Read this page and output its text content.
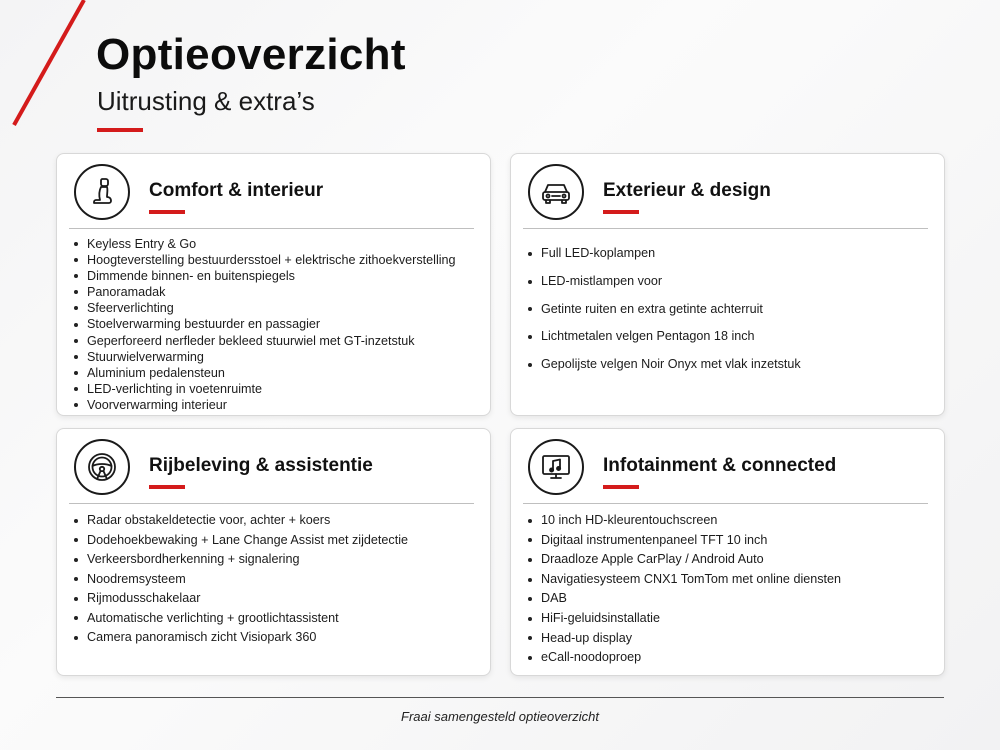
Optieoverzicht
Uitrusting & extra’s
Comfort & interieur
Keyless Entry & Go
Hoogteverstelling bestuurdersstoel + elektrische zithoekverstelling
Dimmende binnen- en buitenspiegels
Panoramadak
Sfeerverlichting
Stoelverwarming bestuurder en passagier
Geperforeerd nerfleder bekleed stuurwiel met GT-inzetstuk
Stuurwielverwarming
Aluminium pedalensteun
LED-verlichting in voetenruimte
Voorverwarming interieur
Exterieur & design
Full LED-koplampen
LED-mistlampen voor
Getinte ruiten en extra getinte achterruit
Lichtmetalen velgen Pentagon 18 inch
Gepolijste velgen Noir Onyx met vlak inzetstuk
Rijbeleving & assistentie
Radar obstakeldetectie voor, achter + koers
Dodehoekbewaking + Lane Change Assist met zijdetectie
Verkeersbordherkenning + signalering
Noodremsysteem
Rijmodusschakelaar
Automatische verlichting + grootlichtassistent
Camera panoramisch zicht Visiopark 360
Infotainment & connected
10 inch HD-kleurentouchscreen
Digitaal instrumentenpaneel TFT 10 inch
Draadloze Apple CarPlay / Android Auto
Navigatiesysteem CNX1 TomTom met online diensten
DAB
HiFi-geluidsinstallatie
Head-up display
eCall-noodoproep
Fraai samengesteld optieoverzicht
